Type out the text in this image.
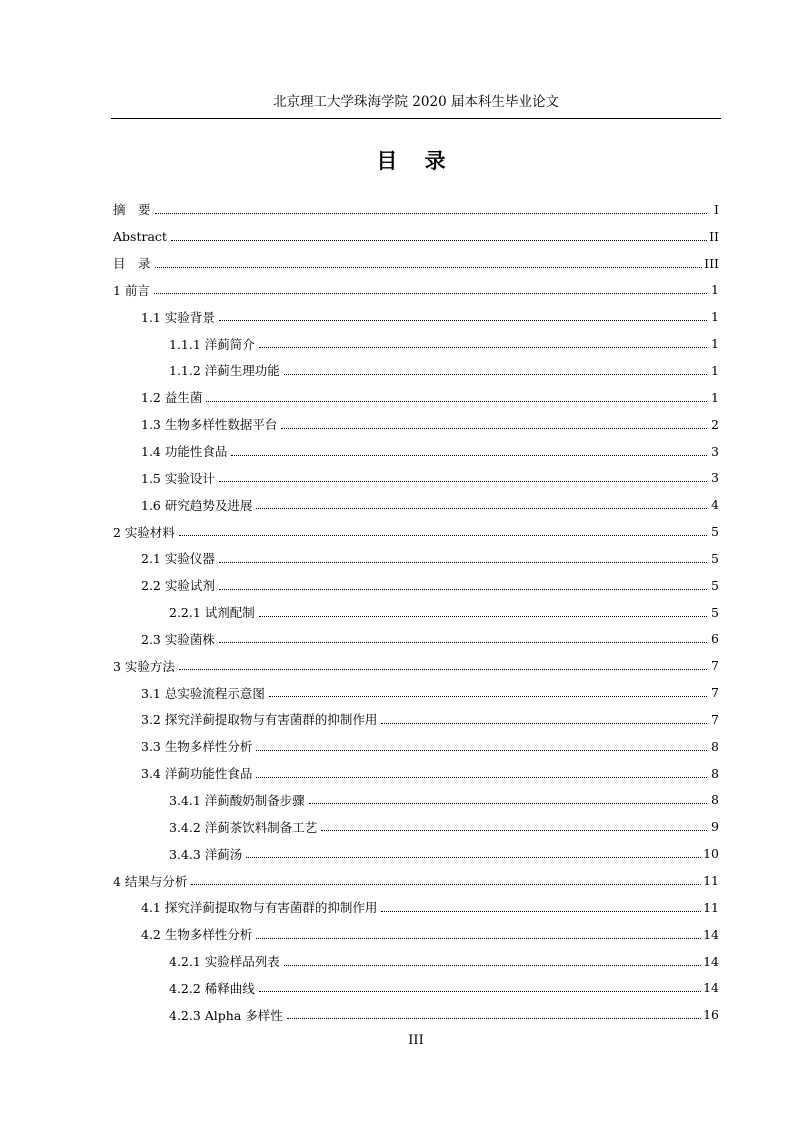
北京理工大学珠海学院 2020 届本科生毕业论文
目 录
摘　要	I
Abstract	II
目　录	III
1 前言	1
1.1 实验背景	1
1.1.1 洋蓟简介	1
1.1.2 洋蓟生理功能	1
1.2 益生菌	1
1.3 生物多样性数据平台	2
1.4 功能性食品	3
1.5 实验设计	3
1.6 研究趋势及进展	4
2 实验材料	5
2.1 实验仪器	5
2.2 实验试剂	5
2.2.1 试剂配制	5
2.3 实验菌株	6
3 实验方法	7
3.1 总实验流程示意图	7
3.2 探究洋蓟提取物与有害菌群的抑制作用	7
3.3 生物多样性分析	8
3.4 洋蓟功能性食品	8
3.4.1 洋蓟酸奶制备步骤	8
3.4.2 洋蓟茶饮料制备工艺	9
3.4.3 洋蓟汤	10
4 结果与分析	11
4.1 探究洋蓟提取物与有害菌群的抑制作用	11
4.2 生物多样性分析	14
4.2.1 实验样品列表	14
4.2.2 稀释曲线	14
4.2.3 Alpha 多样性	16
III
